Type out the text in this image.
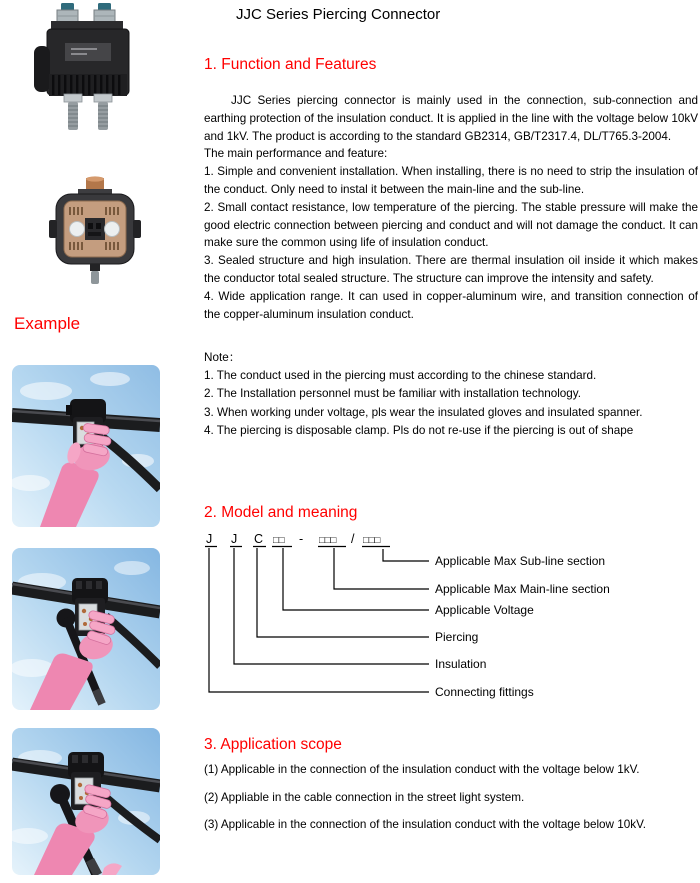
JJC Series Piercing Connector
Example
1. Function and Features
JJC Series piercing connector is mainly used in the connection, sub-connection and earthing protection of the insulation conduct. It is applied in the line with the voltage below 10kV and 1kV. The product is according to the standard GB2314, GB/T2317.4, DL/T765.3-2004.
The main performance and feature:
1. Simple and convenient installation. When installing, there is no need to strip the insulation of the conduct. Only need to instal it between the main-line and the sub-line.
2. Small contact resistance, low temperature of the piercing. The stable pressure will make the good electric connection between piercing and conduct and will not damage the conduct. It can make sure the common using life of insulation conduct.
3. Sealed structure and high insulation. There are thermal insulation oil inside it which makes the conductor total sealed structure. The structure can improve the intensity and safety.
4. Wide application range. It can used in copper-aluminum wire, and transition connection of the copper-aluminum insulation conduct.
Note：
1. The conduct used in the piercing must according to the chinese standard.
2. The Installation personnel must be familiar with installation technology.
3. When working under voltage, pls wear the insulated gloves and insulated spanner.
4. The piercing is disposable clamp. Pls do not re-use if the piercing is out of shape
2. Model and meaning
J J C □□ - □□□ / □□□
Applicable Max Sub-line section
Applicable Max Main-line section
Applicable Voltage
Piercing
Insulation
Connecting fittings
3. Application scope
(1) Applicable in the connection of the insulation conduct with the voltage below 1kV.
(2) Appliable in the cable connection in the street light system.
(3) Applicable in the connection of the insulation conduct with the voltage below 10kV.
